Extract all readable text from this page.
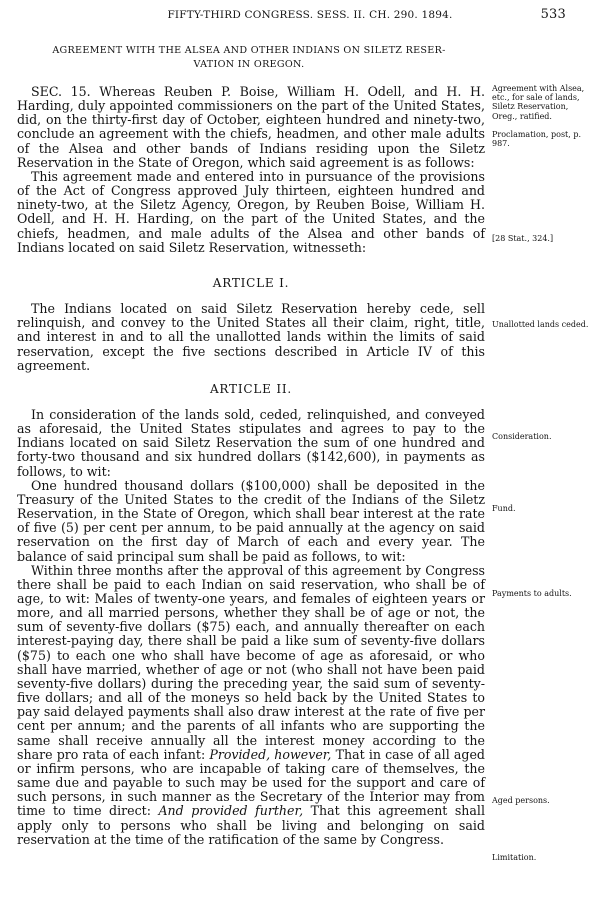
FIFTY-THIRD CONGRESS. SESS. II. CH. 290. 1894.	533
AGREEMENT WITH THE ALSEA AND OTHER INDIANS ON SILETZ RESER-
VATION IN OREGON.

SEC. 15. Whereas Reuben P. Boise, William H. Odell, and H. H. Harding, duly appointed commissioners on the part of the United States, did, on the thirty-first day of October, eighteen hundred and ninety-two, conclude an agreement with the chiefs, headmen, and other male adults of the Alsea and other bands of Indians residing upon the Siletz Reservation in the State of Oregon, which said agreement is as follows:

This agreement made and entered into in pursuance of the provisions of the Act of Congress approved July thirteen, eighteen hundred and ninety-two, at the Siletz Agency, Oregon, by Reuben Boise, William H. Odell, and H. H. Harding, on the part of the United States, and the chiefs, headmen, and male adults of the Alsea and other bands of Indians located on said Siletz Reservation, witnesseth:

ARTICLE I.

The Indians located on said Siletz Reservation hereby cede, sell relinquish, and convey to the United States all their claim, right, title, and interest in and to all the unallotted lands within the limits of said reservation, except the five sections described in Article IV of this agreement.

ARTICLE II.

In consideration of the lands sold, ceded, relinquished, and conveyed as aforesaid, the United States stipulates and agrees to pay to the Indians located on said Siletz Reservation the sum of one hundred and forty-two thousand and six hundred dollars ($142,600), in payments as follows, to wit:

One hundred thousand dollars ($100,000) shall be deposited in the Treasury of the United States to the credit of the Indians of the Siletz Reservation, in the State of Oregon, which shall bear interest at the rate of five (5) per cent per annum, to be paid annually at the agency on said reservation on the first day of March of each and every year. The balance of said principal sum shall be paid as follows, to wit:

Within three months after the approval of this agreement by Congress there shall be paid to each Indian on said reservation, who shall be of age, to wit: Males of twenty-one years, and females of eighteen years or more, and all married persons, whether they shall be of age or not, the sum of seventy-five dollars ($75) each, and annually thereafter on each interest-paying day, there shall be paid a like sum of seventy-five dollars ($75) to each one who shall have become of age as aforesaid, or who shall have married, whether of age or not (who shall not have been paid seventy-five dollars) during the preceding year, the said sum of seventy-five dollars; and all of the moneys so held back by the United States to pay said delayed payments shall also draw interest at the rate of five per cent per annum; and the parents of all infants who are supporting the same shall receive annually all the interest money according to the share pro rata of each infant: Provided, however, That in case of all aged or infirm persons, who are incapable of taking care of themselves, the same due and payable to such may be used for the support and care of such persons, in such manner as the Secretary of the Interior may from time to time direct: And provided further, That this agreement shall apply only to persons who shall be living and belonging on said reservation at the time of the ratification of the same by Congress.

Agreement with Alsea, etc., for sale of lands, Siletz Reservation, Oreg., ratified.
Proclamation, post, p. 987.
[28 Stat., 324.]
Unallotted lands ceded.
Consideration.
Fund.
Payments to adults.
Aged persons.
Limitation.
